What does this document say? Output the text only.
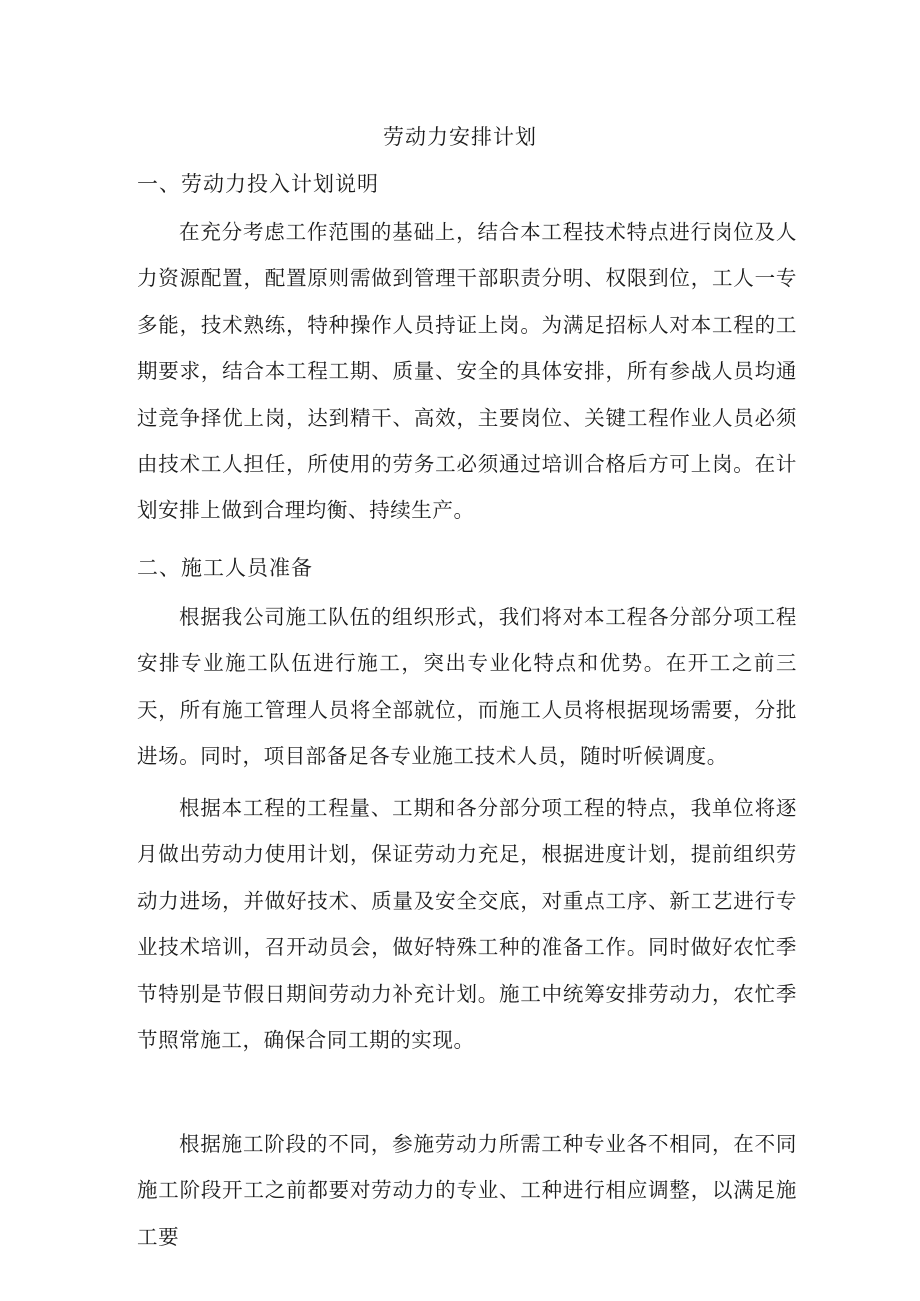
劳动力安排计划
一、劳动力投入计划说明
在充分考虑工作范围的基础上，结合本工程技术特点进行岗位及人力资源配置，配置原则需做到管理干部职责分明、权限到位，工人一专多能，技术熟练，特种操作人员持证上岗。为满足招标人对本工程的工期要求，结合本工程工期、质量、安全的具体安排，所有参战人员均通过竞争择优上岗，达到精干、高效，主要岗位、关键工程作业人员必须由技术工人担任，所使用的劳务工必须通过培训合格后方可上岗。在计划安排上做到合理均衡、持续生产。
二、施工人员准备
根据我公司施工队伍的组织形式，我们将对本工程各分部分项工程安排专业施工队伍进行施工，突出专业化特点和优势。在开工之前三天，所有施工管理人员将全部就位，而施工人员将根据现场需要，分批进场。同时，项目部备足各专业施工技术人员，随时听候调度。
根据本工程的工程量、工期和各分部分项工程的特点，我单位将逐月做出劳动力使用计划，保证劳动力充足，根据进度计划，提前组织劳动力进场，并做好技术、质量及安全交底，对重点工序、新工艺进行专业技术培训，召开动员会，做好特殊工种的准备工作。同时做好农忙季节特别是节假日期间劳动力补充计划。施工中统筹安排劳动力，农忙季节照常施工，确保合同工期的实现。
根据施工阶段的不同，参施劳动力所需工种专业各不相同，在不同施工阶段开工之前都要对劳动力的专业、工种进行相应调整，以满足施工要
